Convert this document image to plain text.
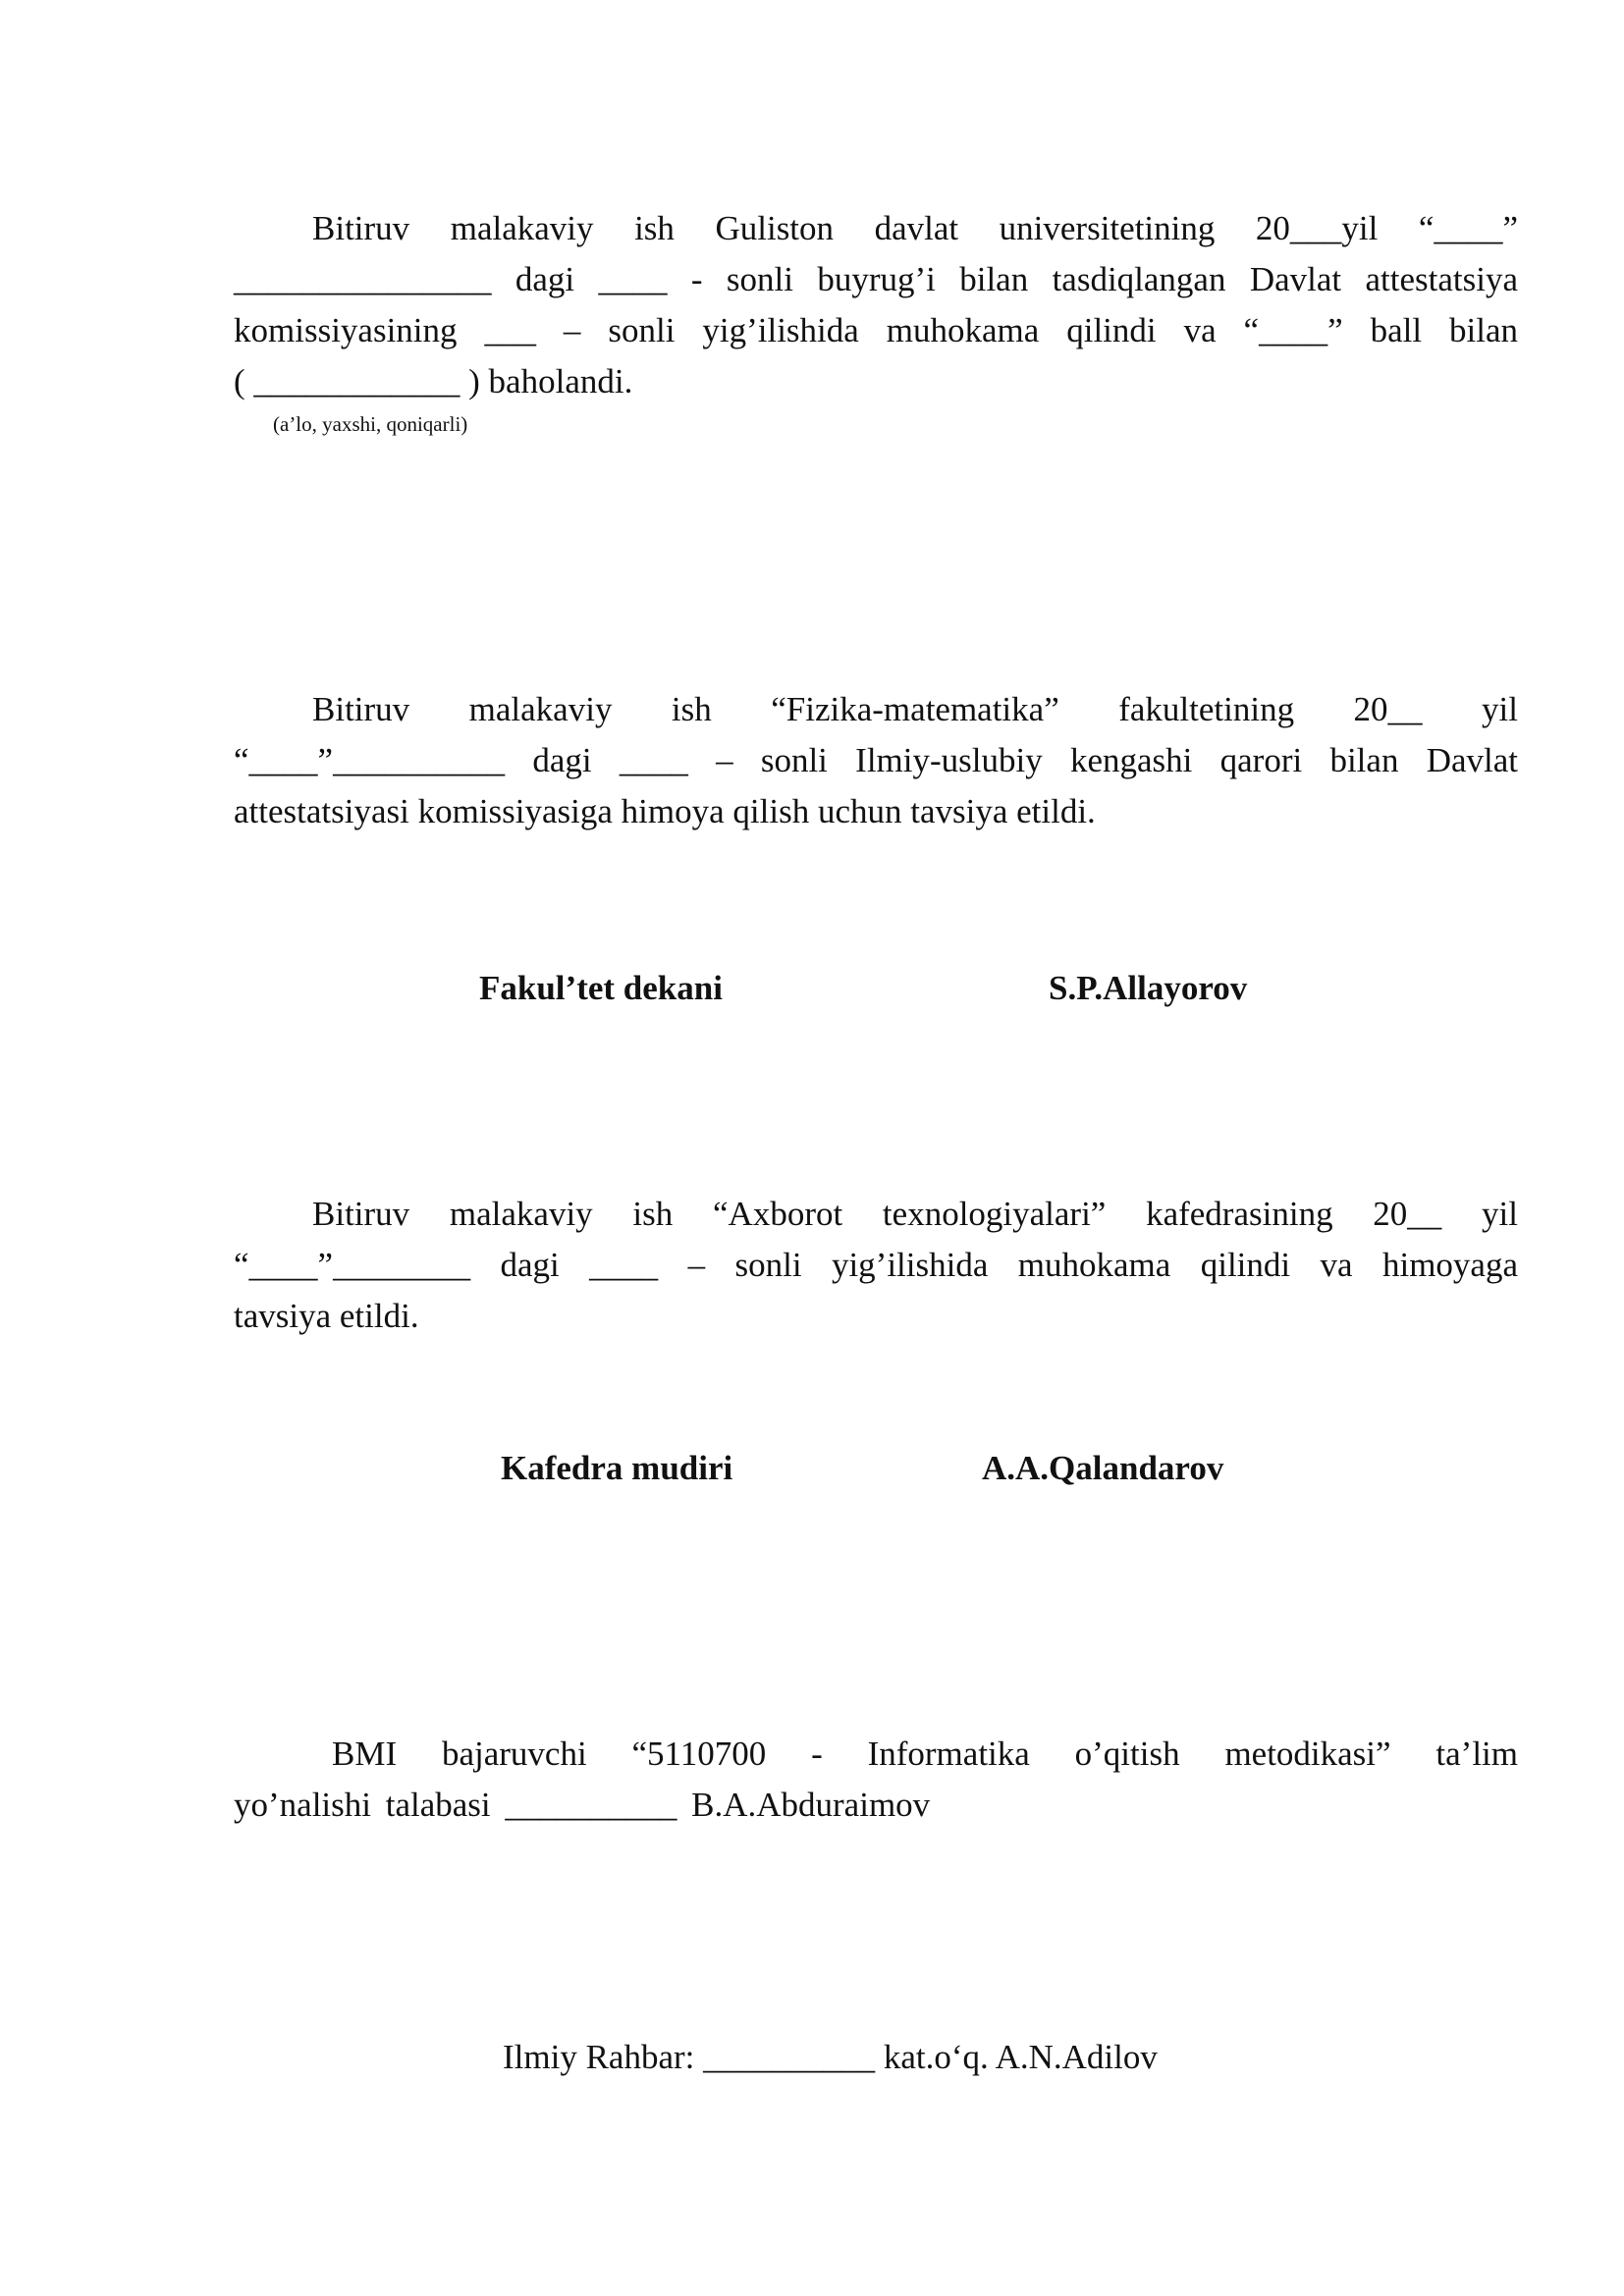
Bitiruv malakaviy ish Guliston davlat universitetining 20___yil “____”
_______________ dagi ____ - sonli buyrug’i bilan tasdiqlangan Davlat attestatsiya
komissiyasining ___ – sonli yig’ilishida muhokama qilindi va “____” ball bilan
( ____________ ) baholandi.
(a’lo, yaxshi, qoniqarli)
Bitiruv malakaviy ish “Fizika-matematika” fakultetining 20__ yil
“____”__________ dagi ____ – sonli Ilmiy-uslubiy kengashi qarori bilan Davlat
attestatsiyasi komissiyasiga himoya qilish uchun tavsiya etildi.
Fakul’tet dekani	S.P.Allayorov
Bitiruv malakaviy ish “Axborot texnologiyalari” kafedrasining 20__ yil
“____”________ dagi ____ – sonli yig’ilishida muhokama qilindi va himoyaga
tavsiya etildi.
Kafedra mudiri	A.A.Qalandarov
BMI bajaruvchi “5110700 - Informatika o’qitish metodikasi” ta’lim
yo’nalishi talabasi __________ B.A.Abduraimov
Ilmiy Rahbar: __________ kat.o‘q. A.N.Adilov
